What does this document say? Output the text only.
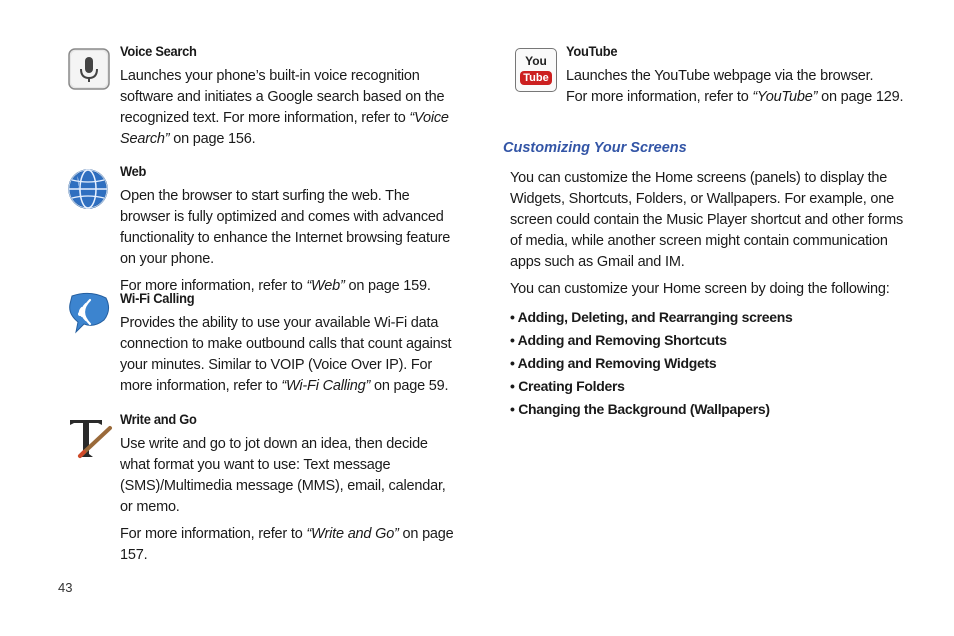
Voice Search

Launches your phone’s built-in voice recognition software and initiates a Google search based on the recognized text. For more information, refer to “Voice Search” on page 156.

Web

Open the browser to start surfing the web. The browser is fully optimized and comes with advanced functionality to enhance the Internet browsing feature on your phone.

For more information, refer to “Web” on page 159.

Wi-Fi Calling

Provides the ability to use your available Wi-Fi data connection to make outbound calls that count against your minutes. Similar to VOIP (Voice Over IP). For more information, refer to “Wi-Fi Calling” on page 59.

Write and Go

Use write and go to jot down an idea, then decide what format you want to use: Text message (SMS)/Multimedia message (MMS), email, calendar, or memo.

For more information, refer to “Write and Go” on page 157.

You
Tube
YouTube

Launches the YouTube webpage via the browser.

For more information, refer to “YouTube” on page 129.

Customizing Your Screens

You can customize the Home screens (panels) to display the Widgets, Shortcuts, Folders, or Wallpapers. For example, one screen could contain the Music Player shortcut and other forms of media, while another screen might contain communication apps such as Gmail and IM.

You can customize your Home screen by doing the following:

• Adding, Deleting, and Rearranging screens
• Adding and Removing Shortcuts
• Adding and Removing Widgets
• Creating Folders
• Changing the Background (Wallpapers)
43
